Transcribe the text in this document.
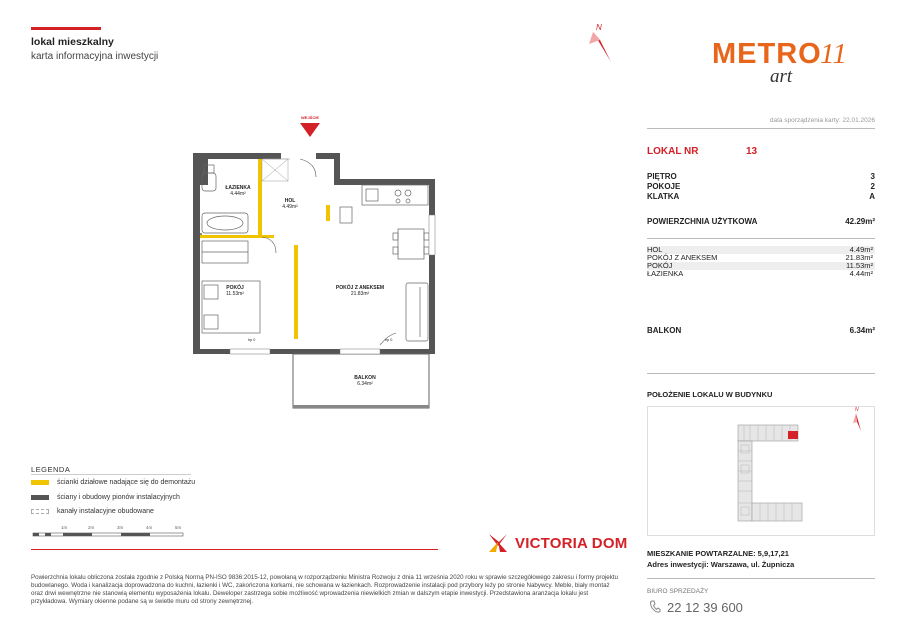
lokal mieszkalny
karta informacyjna inwestycji
N
METRO
art
11
data sporządzenia karty: 22.01.2026
LOKAL NR	13
PIĘTRO	3
POKOJE	2
KLATKA	A
POWIERZCHNIA UŻYTKOWA	42.29m²
HOL	4.49m²
POKÓJ Z ANEKSEM	21.83m²
POKÓJ	11.53m²
ŁAZIENKA	4.44m²
BALKON	6.34m²
POŁOŻENIE LOKALU W BUDYNKU
N
MIESZKANIE POWTARZALNE: 5,9,17,21
Adres inwestycji: Warszawa, ul. Żupnicza
BIURO SPRZEDAŻY
22 12 39 600
LEGENDA
ścianki działowe nadające się do demontażu
ściany i obudowy pionów instalacyjnych
kanały instalacyjne obudowane
1m	2m	3m	4m	5m
VICTORIA DOM
Powierzchnia lokalu obliczona została zgodnie z Polską Normą PN-ISO 9836:2015-12, powołaną w rozporządzeniu Ministra Rozwoju z dnia 11 września 2020 roku w sprawie szczegółowego zakresu i formy projektu budowlanego. Woda i kanalizacja doprowadzona do kuchni, łazienki i WC, zakończona korkami, nie schowana w łazienkach. Rozprowadzenie instalacji pod przybory leży po stronie Nabywcy. Meble, biały montaż oraz drwi wewnętrzne nie stanowią elementu wyposażenia lokalu. Deweloper zastrzega sobie możliwość wprowadzenia niewielkich zmian w dalszym etapie inwestycji. Przedstawiona aranżacja lokalu jest przykładowa. Wymiary okienne podane są w świetle muru od strony zewnętrznej.
WEJŚCIE
ŁAZIENKA
4.44m²
HOL
4.49m²
POKÓJ
11.53m²
POKÓJ Z ANEKSEM
21.83m²
BALKON
6.34m²
hp 0	hp 0
